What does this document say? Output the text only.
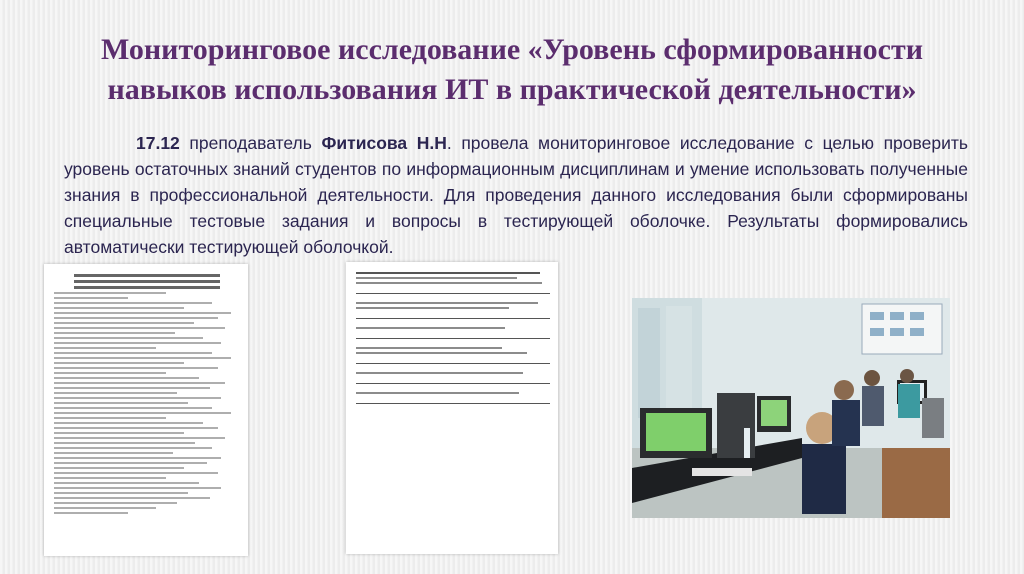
Мониторинговое исследование «Уровень сформированности
навыков использования ИТ в практической деятельности»
17.12 преподаватель Фитисова Н.Н. провела мониторинговое исследование с целью проверить уровень остаточных знаний студентов по информационным дисциплинам и умение использовать полученные знания в профессиональной деятельности. Для проведения данного исследования были сформированы специальные тестовые задания и вопросы в тестирующей оболочке. Результаты формировались автоматически тестирующей оболочкой.
